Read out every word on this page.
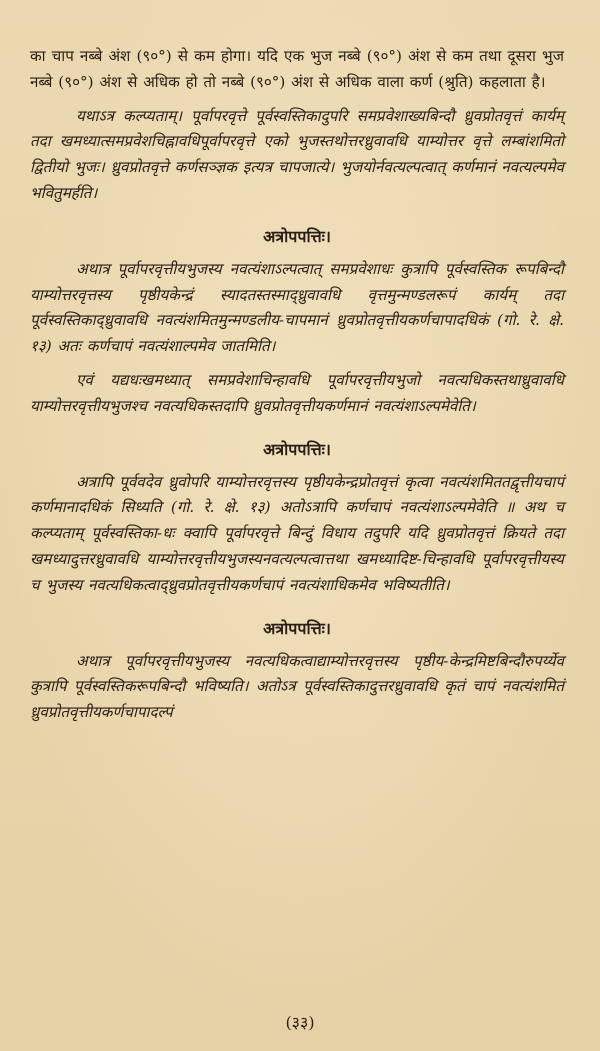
का चाप नब्बे अंश (९०°) से कम होगा। यदि एक भुज नब्बे (९०°) अंश से कम तथा दूसरा भुज नब्बे (९०°) अंश से अधिक हो तो नब्बे (९०°) अंश से अधिक वाला कर्ण (श्रुति) कहलाता है।

यथाऽत्र कल्प्यताम्। पूर्वापरवृत्ते पूर्वस्वस्तिकादुपरि समप्रवेशाख्यबिन्दौ ध्रुवप्रोतवृत्तं कार्यम् तदा खमध्यात्समप्रवेशचिह्नावधिपूर्वापरवृत्ते एको भुजस्तथोत्तरध्रुवावधि याम्योत्तर वृत्ते लम्बांशमितो द्वितीयो भुजः। ध्रुवप्रोतवृत्ते कर्णसञ्ज्ञक इत्यत्र चापजात्ये। भुजयोर्नवत्यल्पत्वात् कर्णमानं नवत्यल्पमेव भवितुमर्हति।

अत्रोपपत्तिः।

अथात्र पूर्वापरवृत्तीयभुजस्य नवत्यंशाऽल्पत्वात् समप्रवेशाधः कुत्रापि पूर्वस्वस्तिक रूपबिन्दौ याम्योत्तरवृत्तस्य पृष्ठीयकेन्द्रं स्यादतस्तस्माद्ध्रुवावधि वृत्तमुन्मण्डलरूपं कार्यम् तदा पूर्वस्वस्तिकाद्ध्रुवावधि नवत्यंशमितमुन्मण्डलीय-चापमानं ध्रुवप्रोतवृत्तीयकर्णचापादधिकं (गो. रे. क्षे. १३) अतः कर्णचापं नवत्यंशाल्पमेव जातमिति।

एवं यद्यधःखमध्यात् समप्रवेशाचिन्हावधि पूर्वापरवृत्तीयभुजो नवत्यधिकस्तथाध्रुवावधि याम्योत्तरवृत्तीयभुजश्च नवत्यधिकस्तदापि ध्रुवप्रोतवृत्तीयकर्णमानं नवत्यंशाऽल्पमेवेति।

अत्रोपपत्तिः।

अत्रापि पूर्ववदेव ध्रुवोपरि याम्योत्तरवृत्तस्य पृष्ठीयकेन्द्रप्रोतवृत्तं कृत्वा नवत्यंशमिततद्वृत्तीयचापं कर्णमानादधिकं सिध्यति (गो. रे. क्षे. १३) अतोऽत्रापि कर्णचापं नवत्यंशाऽल्पमेवेति ॥ अथ च कल्प्यताम् पूर्वस्वस्तिका-धः क्वापि पूर्वापरवृत्ते बिन्दुं विधाय तदुपरि यदि ध्रुवप्रोतवृत्तं क्रियते तदा खमध्यादुत्तरध्रुवावधि याम्योत्तरवृत्तीयभुजस्यनवत्यल्पत्वात्तथा खमध्यादिष्ट-चिन्हावधि पूर्वापरवृत्तीयस्य च भुजस्य नवत्यधिकत्वाद्ध्रुवप्रोतवृत्तीयकर्णचापं नवत्यंशाधिकमेव भविष्यतीति।

अत्रोपपत्तिः।

अथात्र पूर्वापरवृत्तीयभुजस्य नवत्यधिकत्वाद्याम्योत्तरवृत्तस्य पृष्ठीय-केन्द्रमिष्टबिन्दौरुपर्य्येव कुत्रापि पूर्वस्वस्तिकरूपबिन्दौ भविष्यति। अतोऽत्र पूर्वस्वस्तिकादुत्तरध्रुवावधि कृतं चापं नवत्यंशमितं ध्रुवप्रोतवृत्तीयकर्णचापादल्पं

(३३)
